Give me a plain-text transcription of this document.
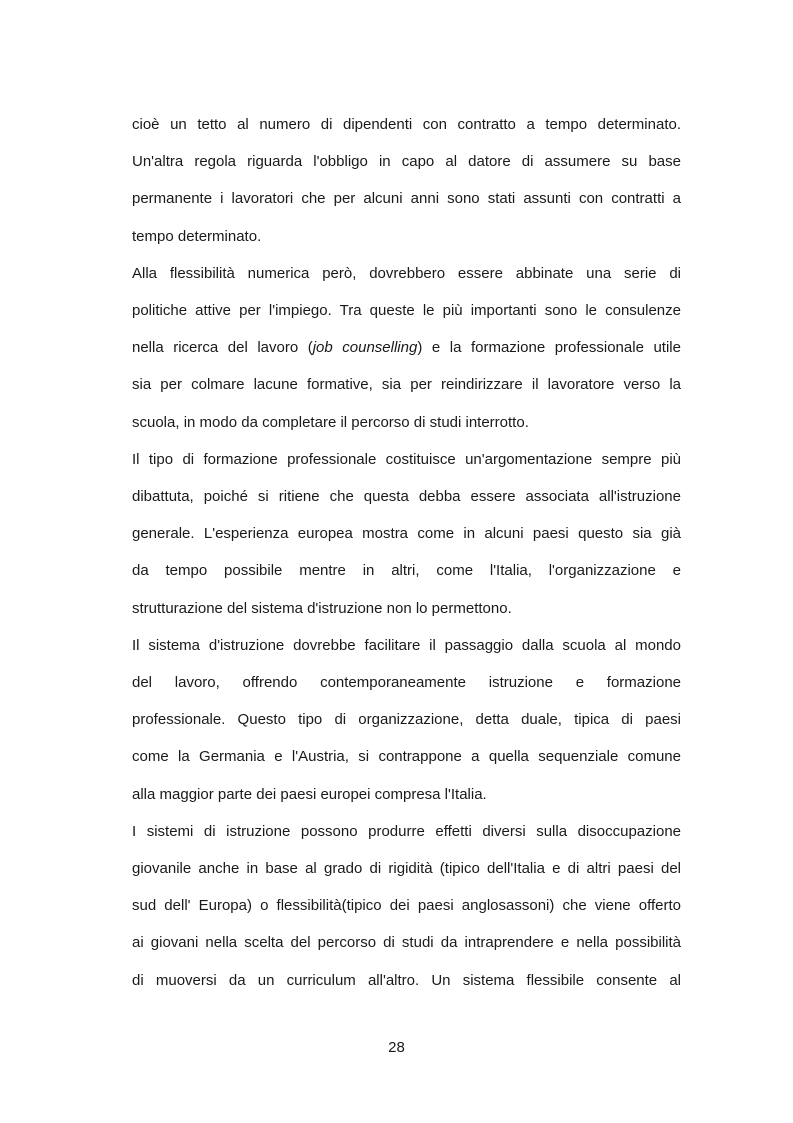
cioè un tetto al numero di dipendenti con contratto a tempo determinato.
Un'altra regola riguarda l'obbligo in capo al datore di assumere su base
permanente i lavoratori che per alcuni anni sono stati assunti con contratti a
tempo determinato.

Alla flessibilità numerica però, dovrebbero essere abbinate una serie di
politiche attive per l'impiego. Tra queste le più importanti sono le consulenze
nella ricerca del lavoro (job counselling) e la formazione professionale utile
sia per colmare lacune formative, sia per reindirizzare il lavoratore verso la
scuola, in modo da completare il percorso di studi interrotto.

Il tipo di formazione professionale costituisce un'argomentazione sempre più
dibattuta, poiché si ritiene che questa debba essere associata all'istruzione
generale. L'esperienza europea mostra come in alcuni paesi questo sia già
da tempo possibile mentre in altri, come l'Italia, l'organizzazione e
strutturazione del sistema d'istruzione non lo permettono.

Il sistema d'istruzione dovrebbe facilitare il passaggio dalla scuola al mondo
del lavoro, offrendo contemporaneamente istruzione e formazione
professionale. Questo tipo di organizzazione, detta duale, tipica di paesi
come la Germania e l'Austria, si contrappone a quella sequenziale comune
alla maggior parte dei paesi europei compresa l'Italia.

I sistemi di istruzione possono produrre effetti diversi sulla disoccupazione
giovanile anche in base al grado di rigidità (tipico dell'Italia e di altri paesi del
sud dell' Europa) o flessibilità(tipico dei paesi anglosassoni) che viene offerto
ai giovani nella scelta del percorso di studi da intraprendere e nella possibilità
di muoversi da un curriculum all'altro. Un sistema flessibile consente al

28
